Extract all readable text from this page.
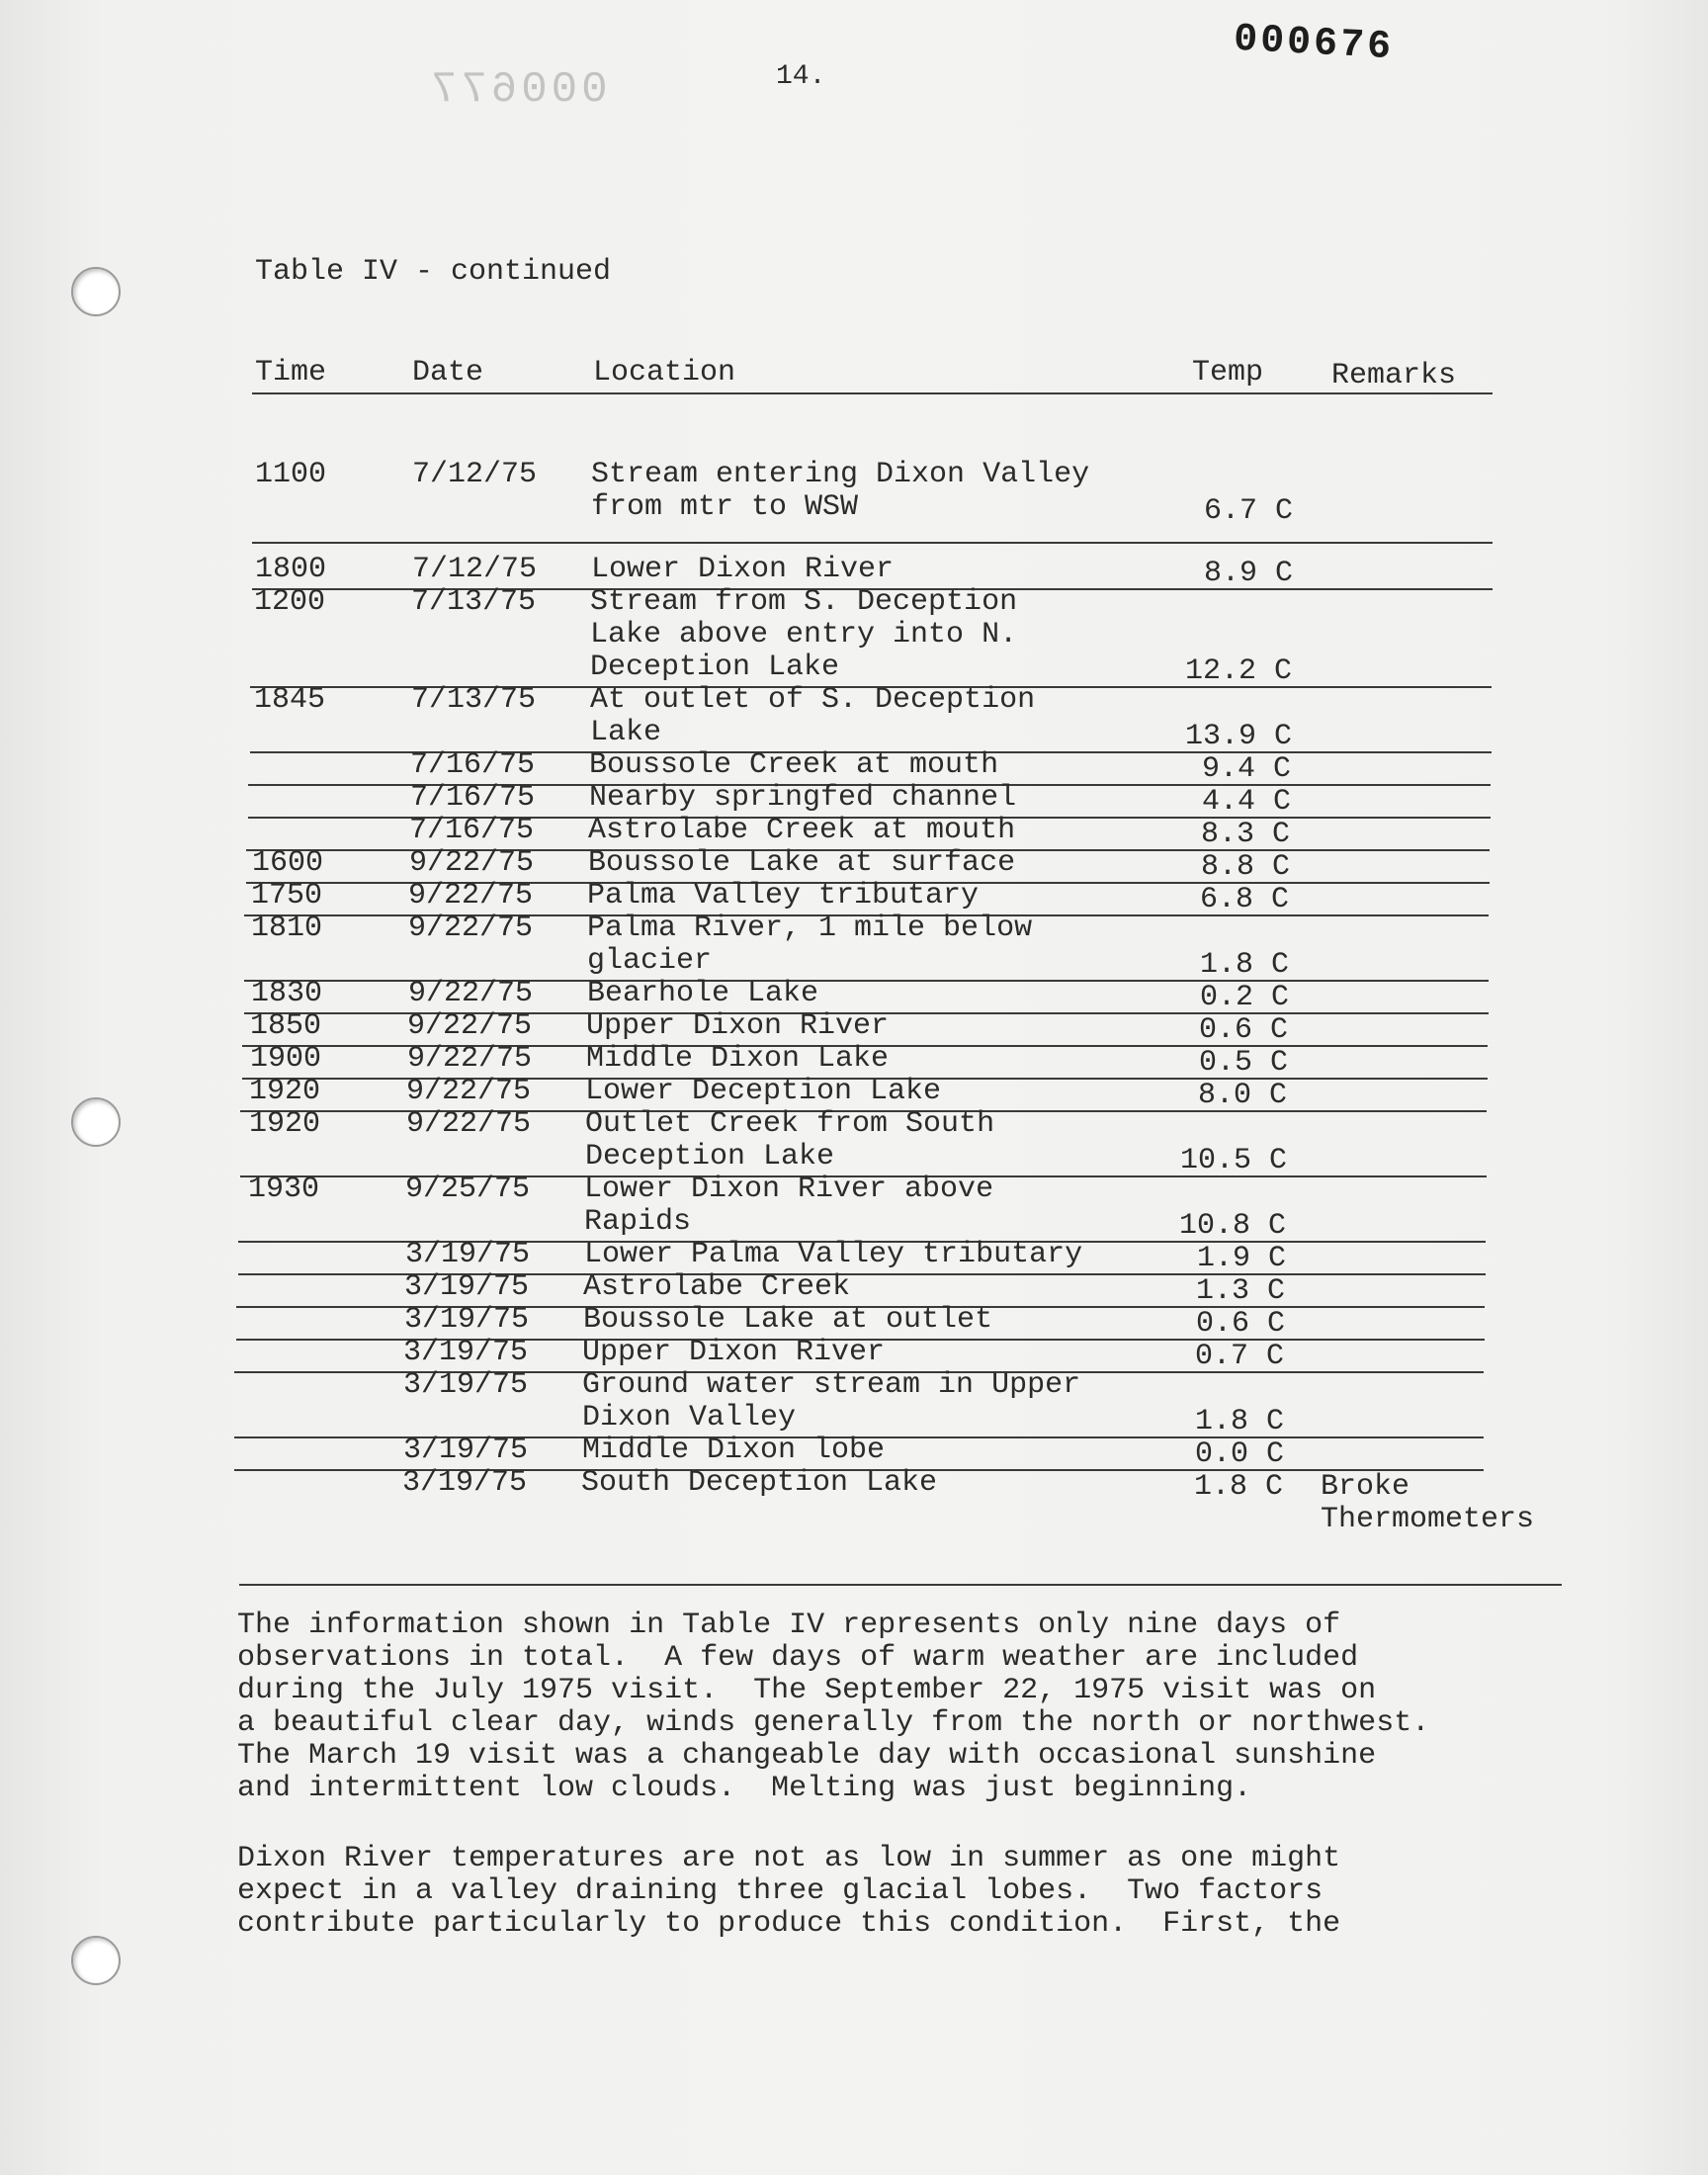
000677	14.
000676
Table IV - continued
Time	Date	Location	Temp Remarks
1100	7/12/75 Stream entering Dixon Valley
from mtr to WSW	6.7 C
1800	7/12/75 Lower Dixon River	8.9 C
1200	7/13/75 Stream from S. Deception
Lake above entry into N.
Deception Lake	12.2 C
1845	7/13/75 At outlet of S. Deception
Lake	13.9 C
7/16/75 Boussole Creek at mouth	9.4 C
7/16/75 Nearby springfed channel	4.4 C
7/16/75 Astrolabe Creek at mouth	8.3 C
1600	9/22/75 Boussole Lake at surface	8.8 C
1750	9/22/75 Palma Valley tributary	6.8 C
1810	9/22/75 Palma River, 1 mile below
glacier	1.8 C
1830	9/22/75 Bearhole Lake	0.2 C
1850	9/22/75 Upper Dixon River	0.6 C
1900	9/22/75 Middle Dixon Lake	0.5 C
1920	9/22/75 Lower Deception Lake	8.0 C
1920	9/22/75 Outlet Creek from South
Deception Lake	10.5 C
1930	9/25/75 Lower Dixon River above
Rapids	10.8 C
3/19/75 Lower Palma Valley tributary	1.9 C
3/19/75 Astrolabe Creek	1.3 C
3/19/75 Boussole Lake at outlet	0.6 C
3/19/75 Upper Dixon River	0.7 C
3/19/75 Ground water stream in Upper
Dixon Valley	1.8 C
3/19/75 Middle Dixon lobe	0.0 C
3/19/75 South Deception Lake	1.8 C Broke
Thermometers
The information shown in Table IV represents only nine days of
observations in total.  A few days of warm weather are included
during the July 1975 visit.  The September 22, 1975 visit was on
a beautiful clear day, winds generally from the north or northwest.
The March 19 visit was a changeable day with occasional sunshine
and intermittent low clouds.  Melting was just beginning.
Dixon River temperatures are not as low in summer as one might
expect in a valley draining three glacial lobes.  Two factors
contribute particularly to produce this condition.  First, the
